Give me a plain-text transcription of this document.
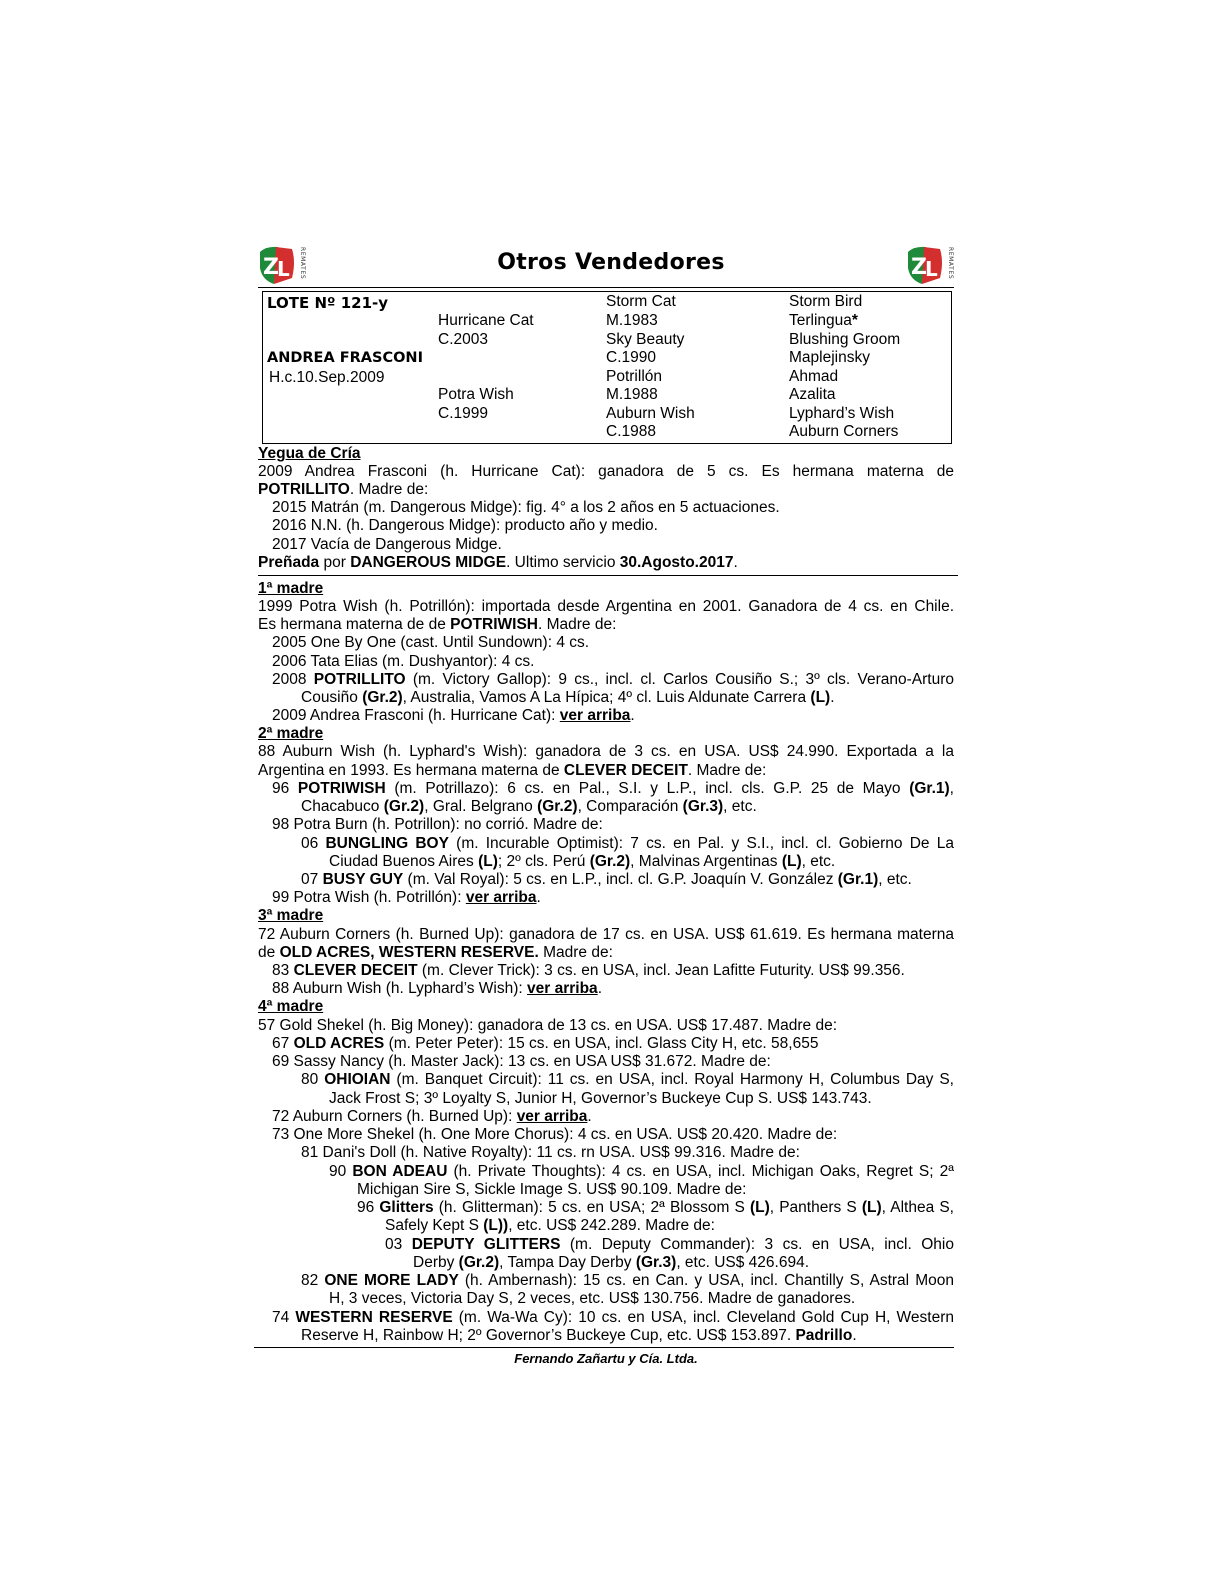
Z
L REMATES	Otros Vendedores	Z
L REMATES
LOTE Nº 121-y
ANDREA FRASCONI
H.c.10.Sep.2009
Hurricane Cat
C.2003
Potra Wish
C.1999
Storm Cat
M.1983
Sky Beauty
C.1990
Potrillón
M.1988
Auburn Wish
C.1988
Storm Bird
Terlingua*
Blushing Groom
Maplejinsky
Ahmad
Azalita
Lyphard’s Wish
Auburn Corners
Yegua de Cría
2009 Andrea Frasconi (h. Hurricane Cat): ganadora de 5 cs. Es hermana materna de
POTRILLITO. Madre de:
2015 Matrán (m. Dangerous Midge): fig. 4° a los 2 años en 5 actuaciones.
2016 N.N. (h. Dangerous Midge): producto año y medio.
2017 Vacía de Dangerous Midge.
Preñada por DANGEROUS MIDGE. Ultimo servicio 30.Agosto.2017.
1ª madre
1999 Potra Wish (h. Potrillón): importada desde Argentina en 2001. Ganadora de 4 cs. en Chile.
Es hermana materna de de POTRIWISH. Madre de:
2005 One By One (cast. Until Sundown): 4 cs.
2006 Tata Elias (m. Dushyantor): 4 cs.
2008 POTRILLITO (m. Victory Gallop): 9 cs., incl. cl. Carlos Cousiño S.; 3º cls. Verano-Arturo
Cousiño (Gr.2), Australia, Vamos A La Hípica; 4º cl. Luis Aldunate Carrera (L).
2009 Andrea Frasconi (h. Hurricane Cat): ver arriba.
2ª madre
88 Auburn Wish (h. Lyphard's Wish): ganadora de 3 cs. en USA. US$ 24.990. Exportada a la
Argentina en 1993. Es hermana materna de CLEVER DECEIT. Madre de:
96 POTRIWISH (m. Potrillazo): 6 cs. en Pal., S.I. y L.P., incl. cls. G.P. 25 de Mayo (Gr.1),
Chacabuco (Gr.2), Gral. Belgrano (Gr.2), Comparación (Gr.3), etc.
98 Potra Burn (h. Potrillon): no corrió. Madre de:
06 BUNGLING BOY (m. Incurable Optimist): 7 cs. en Pal. y S.I., incl. cl. Gobierno De La
Ciudad Buenos Aires (L); 2º cls. Perú (Gr.2), Malvinas Argentinas (L), etc.
07 BUSY GUY (m. Val Royal): 5 cs. en L.P., incl. cl. G.P. Joaquín V. González (Gr.1), etc.
99 Potra Wish (h. Potrillón): ver arriba.
3ª madre
72 Auburn Corners (h. Burned Up): ganadora de 17 cs. en USA. US$ 61.619. Es hermana materna
de OLD ACRES, WESTERN RESERVE. Madre de:
83 CLEVER DECEIT (m. Clever Trick): 3 cs. en USA, incl. Jean Lafitte Futurity. US$ 99.356.
88 Auburn Wish (h. Lyphard’s Wish): ver arriba.
4ª madre
57 Gold Shekel (h. Big Money): ganadora de 13 cs. en USA. US$ 17.487. Madre de:
67 OLD ACRES (m. Peter Peter): 15 cs. en USA, incl. Glass City H, etc. 58,655
69 Sassy Nancy (h. Master Jack): 13 cs. en USA US$ 31.672. Madre de:
80 OHIOIAN (m. Banquet Circuit): 11 cs. en USA, incl. Royal Harmony H, Columbus Day S,
Jack Frost S; 3º Loyalty S, Junior H, Governor’s Buckeye Cup S. US$ 143.743.
72 Auburn Corners (h. Burned Up): ver arriba.
73 One More Shekel (h. One More Chorus): 4 cs. en USA. US$ 20.420. Madre de:
81 Dani's Doll (h. Native Royalty): 11 cs. rn USA. US$ 99.316. Madre de:
90 BON ADEAU (h. Private Thoughts): 4 cs. en USA, incl. Michigan Oaks, Regret S; 2ª
Michigan Sire S, Sickle Image S. US$ 90.109. Madre de:
96 Glitters (h. Glitterman): 5 cs. en USA; 2ª Blossom S (L), Panthers S (L), Althea S,
Safely Kept S (L)), etc. US$ 242.289. Madre de:
03 DEPUTY GLITTERS (m. Deputy Commander): 3 cs. en USA, incl. Ohio
Derby (Gr.2), Tampa Day Derby (Gr.3), etc. US$ 426.694.
82 ONE MORE LADY (h. Ambernash): 15 cs. en Can. y USA, incl. Chantilly S, Astral Moon
H, 3 veces, Victoria Day S, 2 veces, etc. US$ 130.756. Madre de ganadores.
74 WESTERN RESERVE (m. Wa-Wa Cy): 10 cs. en USA, incl. Cleveland Gold Cup H, Western
Reserve H, Rainbow H; 2º Governor’s Buckeye Cup, etc. US$ 153.897. Padrillo.
Fernando Zañartu y Cía. Ltda.
